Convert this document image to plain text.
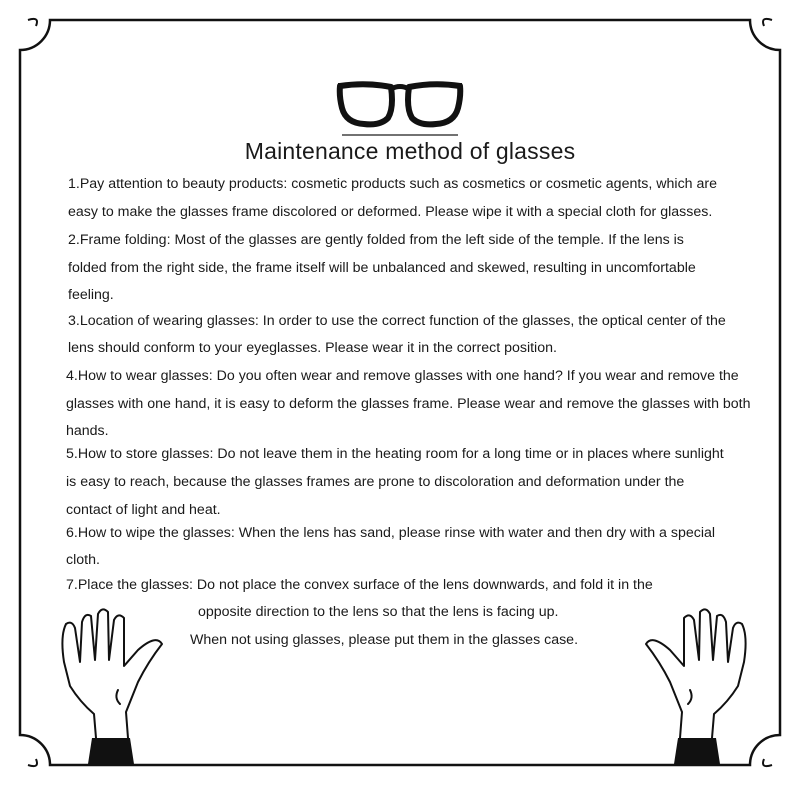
Maintenance method of glasses
1.Pay attention to beauty products: cosmetic products such as cosmetics or cosmetic agents, which are
easy to make the glasses frame discolored or deformed. Please wipe it with a special cloth for glasses.
2.Frame folding: Most of the glasses are gently folded from the left side of the temple. If the lens is
folded from the right side, the frame itself will be unbalanced and skewed, resulting in uncomfortable
feeling.
3.Location of wearing glasses: In order to use the correct function of the glasses, the optical center of the
lens should conform to your eyeglasses. Please wear it in the correct position.
4.How to wear glasses: Do you often wear and remove glasses with one hand? If you wear and remove the
glasses with one hand, it is easy to deform the glasses frame. Please wear and remove the glasses with both
hands.
5.How to store glasses: Do not leave them in the heating room for a long time or in places where sunlight
is easy to reach, because the glasses frames are prone to discoloration and deformation under the
contact of light and heat.
6.How to wipe the glasses: When the lens has sand, please rinse with water and then dry with a special
cloth.
7.Place the glasses: Do not place the convex surface of the lens downwards, and fold it in the
opposite direction to the lens so that the lens is facing up.
When not using glasses, please put them in the glasses case.
